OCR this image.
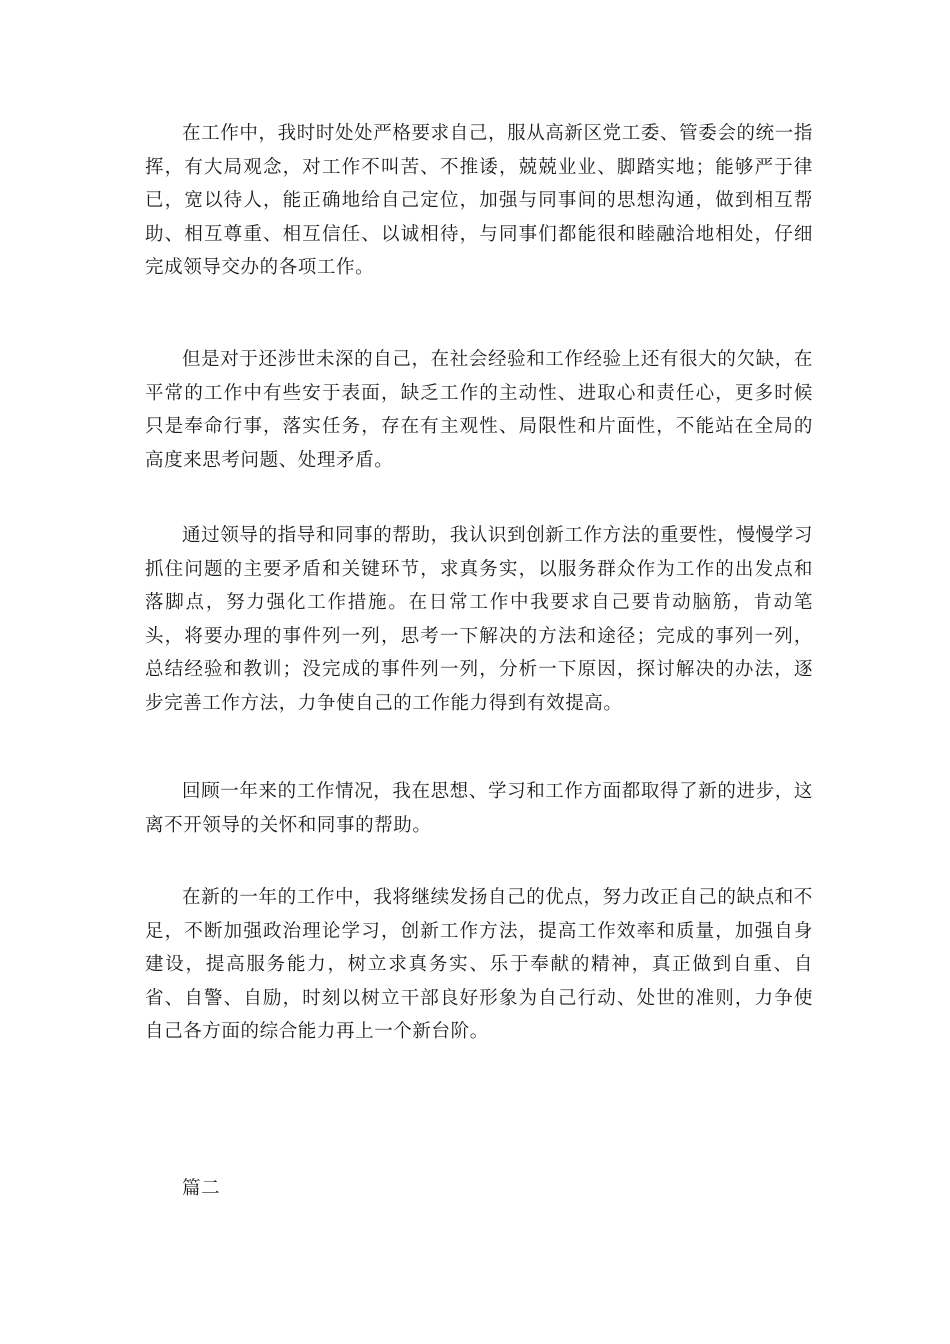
在工作中，我时时处处严格要求自己，服从高新区党工委、管委会的统一指挥，有大局观念，对工作不叫苦、不推诿，兢兢业业、脚踏实地；能够严于律已，宽以待人，能正确地给自己定位，加强与同事间的思想沟通，做到相互帮助、相互尊重、相互信任、以诚相待，与同事们都能很和睦融洽地相处，仔细完成领导交办的各项工作。

但是对于还涉世未深的自己，在社会经验和工作经验上还有很大的欠缺，在平常的工作中有些安于表面，缺乏工作的主动性、进取心和责任心，更多时候只是奉命行事，落实任务，存在有主观性、局限性和片面性，不能站在全局的高度来思考问题、处理矛盾。

通过领导的指导和同事的帮助，我认识到创新工作方法的重要性，慢慢学习抓住问题的主要矛盾和关键环节，求真务实，以服务群众作为工作的出发点和落脚点，努力强化工作措施。在日常工作中我要求自己要肯动脑筋，肯动笔头，将要办理的事件列一列，思考一下解决的方法和途径；完成的事列一列，总结经验和教训；没完成的事件列一列，分析一下原因，探讨解决的办法，逐步完善工作方法，力争使自己的工作能力得到有效提高。

回顾一年来的工作情况，我在思想、学习和工作方面都取得了新的进步，这离不开领导的关怀和同事的帮助。

在新的一年的工作中，我将继续发扬自己的优点，努力改正自己的缺点和不足，不断加强政治理论学习，创新工作方法，提高工作效率和质量，加强自身建设，提高服务能力，树立求真务实、乐于奉献的精神，真正做到自重、自省、自警、自励，时刻以树立干部良好形象为自己行动、处世的准则，力争使自己各方面的综合能力再上一个新台阶。

篇二
